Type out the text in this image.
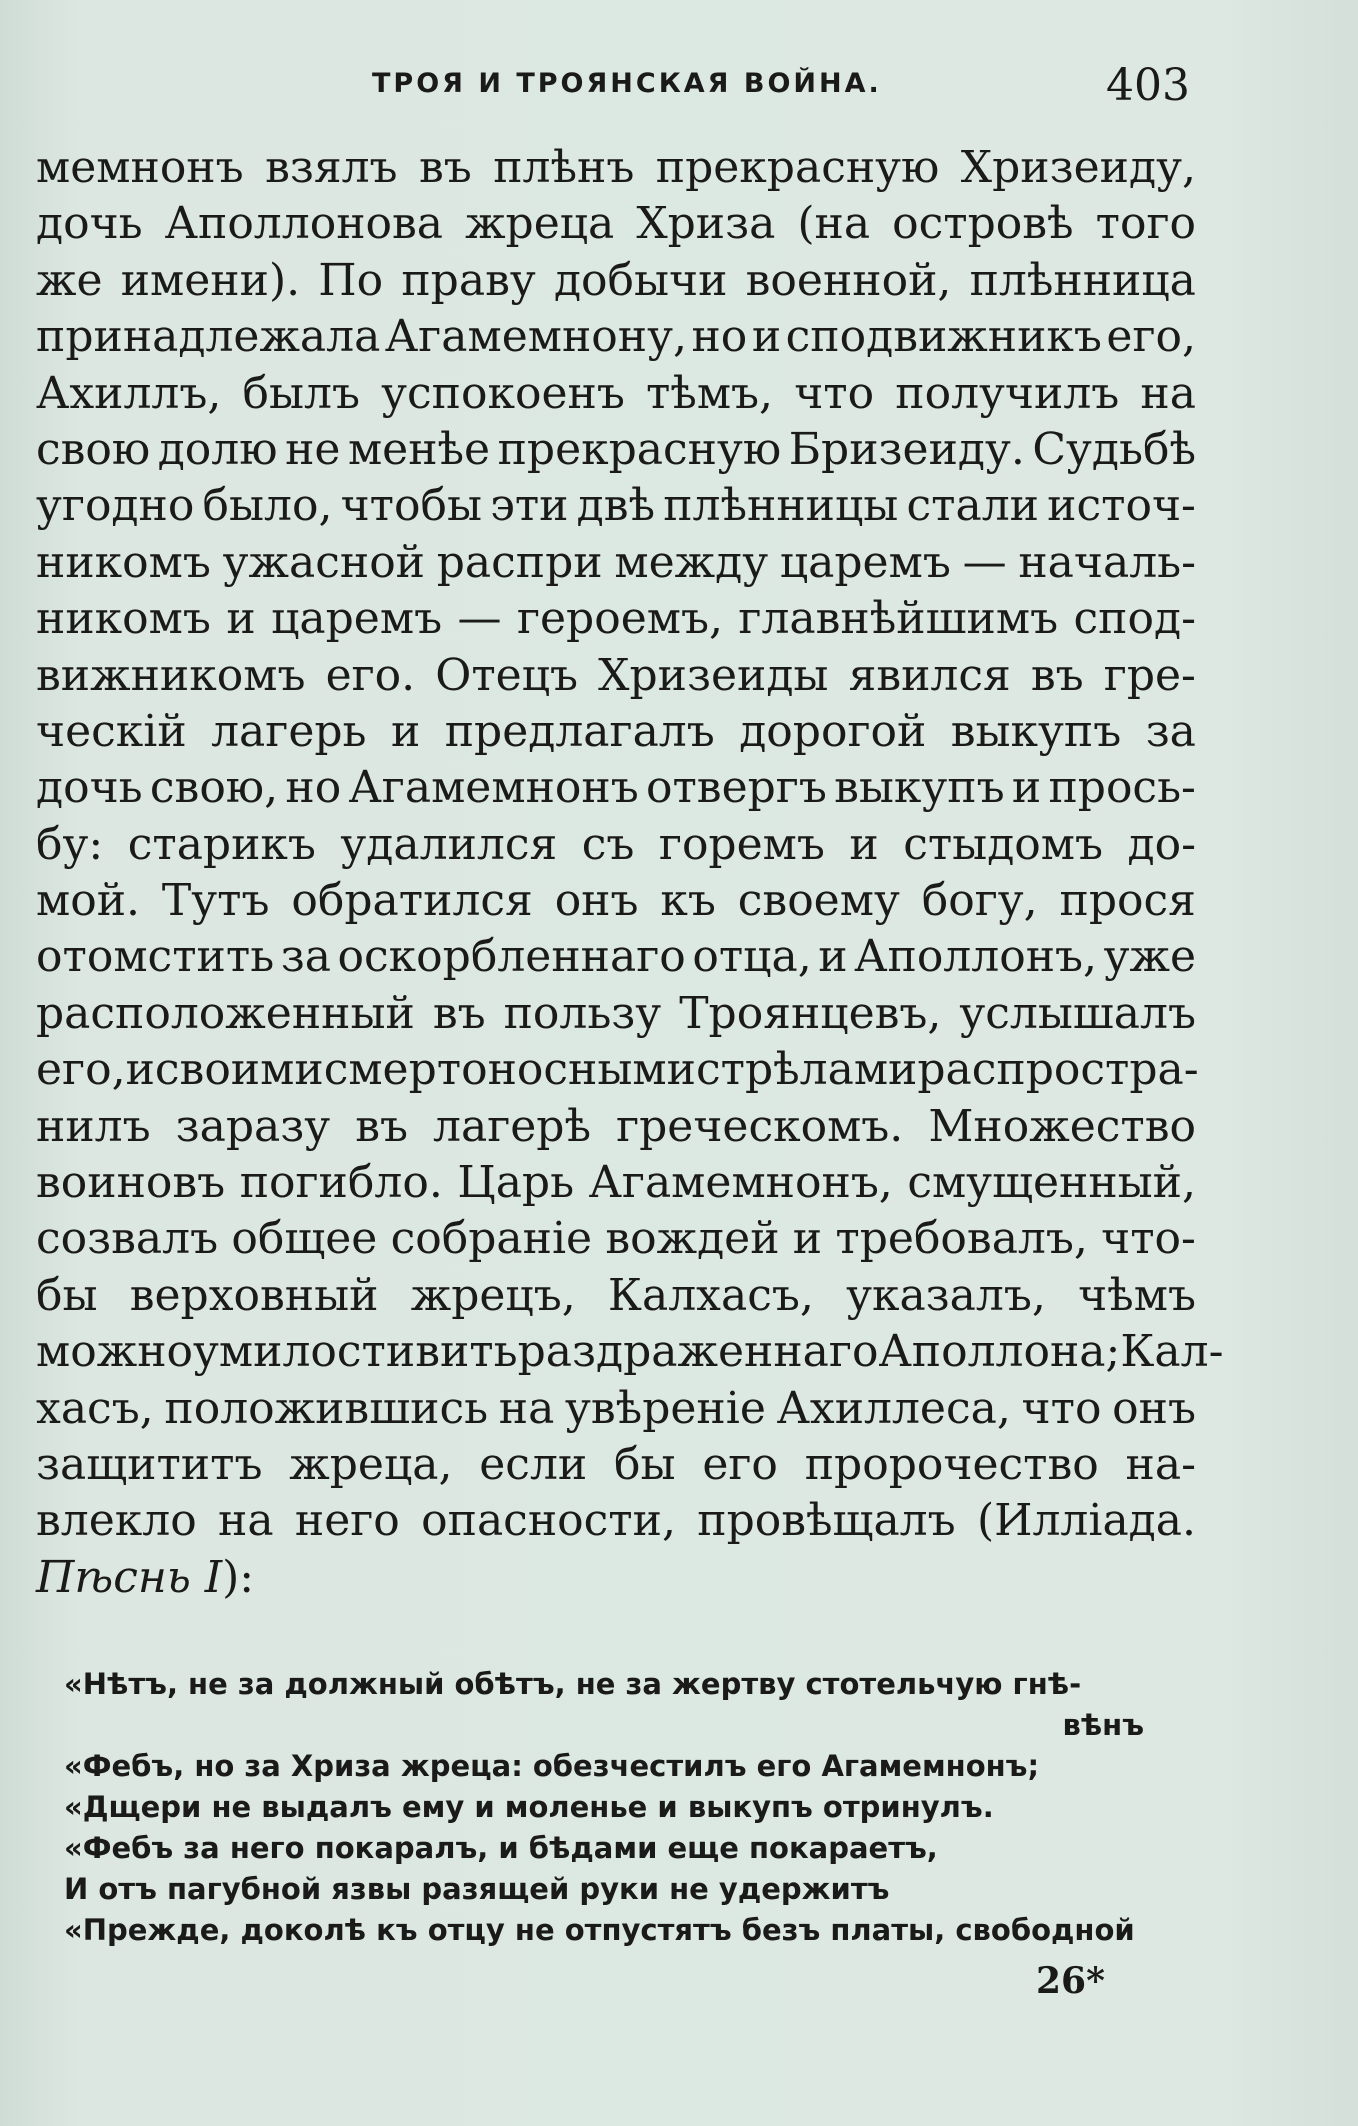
ТРОЯ И ТРОЯНСКАЯ ВОЙНА.	403
мемнонъ взялъ въ плѣнъ прекрасную Хризеиду,
дочь Аполлонова жреца Хриза (на островѣ того
же имени). По праву добычи военной, плѣнница
принадлежала Агамемнону, но и сподвижникъ его,
Ахиллъ, былъ успокоенъ тѣмъ, что получилъ на
свою долю не менѣе прекрасную Бризеиду. Судьбѣ
угодно было, чтобы эти двѣ плѣнницы стали источ-
никомъ ужасной распри между царемъ — началь-
никомъ и царемъ — героемъ, главнѣйшимъ спод-
вижникомъ его. Отецъ Хризеиды явился въ гре-
ческій лагерь и предлагалъ дорогой выкупъ за
дочь свою, но Агамемнонъ отвергъ выкупъ и прось-
бу: старикъ удалился съ горемъ и стыдомъ до-
мой. Тутъ обратился онъ къ своему богу, прося
отомстить за оскорбленнаго отца, и Аполлонъ, уже
расположенный въ пользу Троянцевъ, услышалъ
его, и своими смертоносными стрѣлами распростра-
нилъ заразу въ лагерѣ греческомъ. Множество
воиновъ погибло. Царь Агамемнонъ, смущенный,
созвалъ общее собраніе вождей и требовалъ, что-
бы верховный жрецъ, Калхасъ, указалъ, чѣмъ
можно умилостивить раздраженнаго Аполлона; Кал-
хасъ, положившись на увѣреніе Ахиллеса, что онъ
защититъ жреца, если бы его пророчество на-
влекло на него опасности, провѣщалъ (Илліада.
Пѣснь I ):
«Нѣтъ, не за должный обѣтъ, не за жертву стотельчую гнѣ-
вѣнъ
«Фебъ, но за Хриза жреца: обезчестилъ его Агамемнонъ;
«Дщери не выдалъ ему и моленье и выкупъ отринулъ.
«Фебъ за него покаралъ, и бѣдами еще покараетъ,
И отъ пагубной язвы разящей руки не удержитъ
«Прежде, доколѣ къ отцу не отпустятъ безъ платы, свободной
26*
